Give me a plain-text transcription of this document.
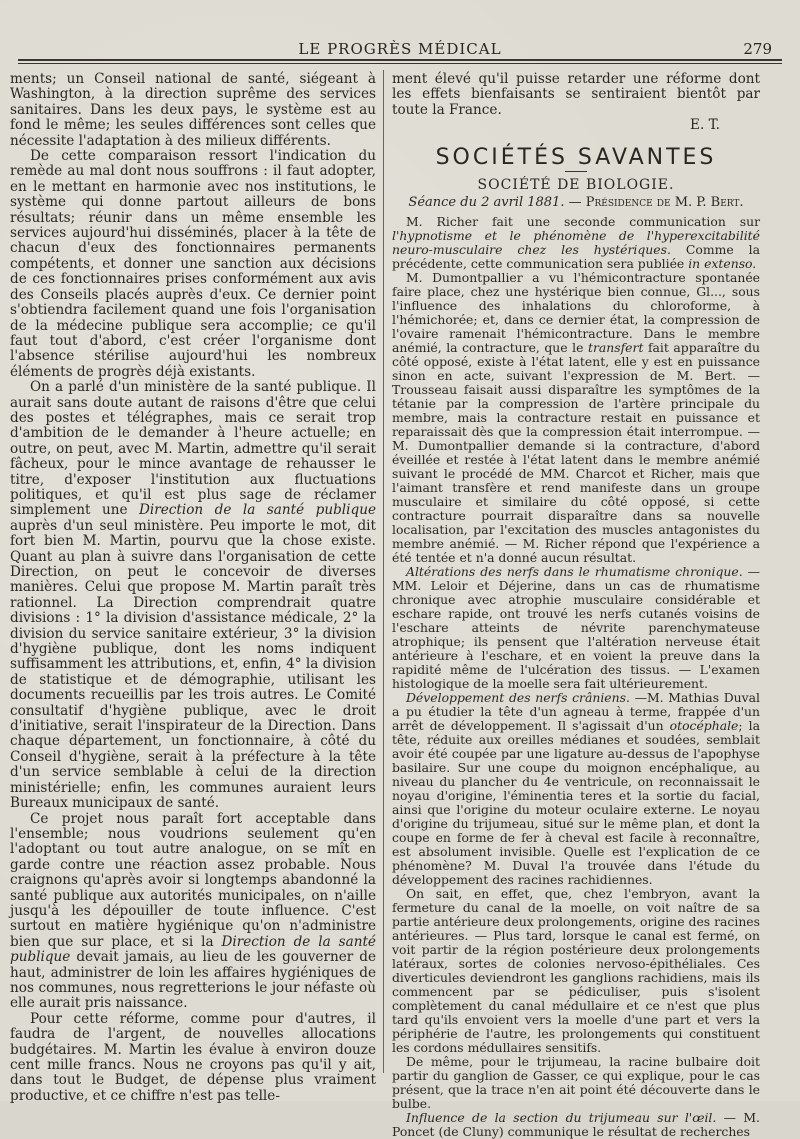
LE PROGRÈS MÉDICAL	279

ments; un Conseil national de santé, siégeant à Washington, à la direction suprême des services sanitaires. Dans les deux pays, le système est au fond le même; les seules différences sont celles que nécessite l'adaptation à des milieux différents.

De cette comparaison ressort l'indication du remède au mal dont nous souffrons : il faut adopter, en le mettant en harmonie avec nos institutions, le système qui donne partout ailleurs de bons résultats; réunir dans un même ensemble les services aujourd'hui disséminés, placer à la tête de chacun d'eux des fonctionnaires permanents compétents, et donner une sanction aux décisions de ces fonctionnaires prises conformément aux avis des Conseils placés auprès d'eux. Ce dernier point s'obtiendra facilement quand une fois l'organisation de la médecine publique sera accomplie; ce qu'il faut tout d'abord, c'est créer l'organisme dont l'absence stérilise aujourd'hui les nombreux éléments de progrès déjà existants.

On a parlé d'un ministère de la santé publique. Il aurait sans doute autant de raisons d'être que celui des postes et télégraphes, mais ce serait trop d'ambition de le demander à l'heure actuelle; en outre, on peut, avec M. Martin, admettre qu'il serait fâcheux, pour le mince avantage de rehausser le titre, d'exposer l'institution aux fluctuations politiques, et qu'il est plus sage de réclamer simplement une Direction de la santé publique auprès d'un seul ministère. Peu importe le mot, dit fort bien M. Martin, pourvu que la chose existe. Quant au plan à suivre dans l'organisation de cette Direction, on peut le concevoir de diverses manières. Celui que propose M. Martin paraît très rationnel. La Direction comprendrait quatre divisions : 1° la division d'assistance médicale, 2° la division du service sanitaire extérieur, 3° la division d'hygiène publique, dont les noms indiquent suffisamment les attributions, et, enfin, 4° la division de statistique et de démographie, utilisant les documents recueillis par les trois autres. Le Comité consultatif d'hygiène publique, avec le droit d'initiative, serait l'inspirateur de la Direction. Dans chaque département, un fonctionnaire, à côté du Conseil d'hygiène, serait à la préfecture à la tête d'un service semblable à celui de la direction ministérielle; enfin, les communes auraient leurs Bureaux municipaux de santé.

Ce projet nous paraît fort acceptable dans l'ensemble; nous voudrions seulement qu'en l'adoptant ou tout autre analogue, on se mît en garde contre une réaction assez probable. Nous craignons qu'après avoir si longtemps abandonné la santé publique aux autorités municipales, on n'aille jusqu'à les dépouiller de toute influence. C'est surtout en matière hygiénique qu'on n'administre bien que sur place, et si la Direction de la santé publique devait jamais, au lieu de les gouverner de haut, administrer de loin les affaires hygiéniques de nos communes, nous regretterions le jour néfaste où elle aurait pris naissance.

Pour cette réforme, comme pour d'autres, il faudra de l'argent, de nouvelles allocations budgétaires. M. Martin les évalue à environ douze cent mille francs. Nous ne croyons pas qu'il y ait, dans tout le Budget, de dépense plus vraiment productive, et ce chiffre n'est pas telle-

ment élevé qu'il puisse retarder une réforme dont les effets bienfaisants se sentiraient bientôt par toute la France.

E. T.
SOCIÉTÉS SAVANTES
SOCIÉTÉ DE BIOLOGIE.
Séance du 2 avril 1881. — Présidence de M. P. Bert.

M. Richer fait une seconde communication sur l'hypnotisme et le phénomène de l'hyperexcitabilité neuro-musculaire chez les hystériques. Comme la précédente, cette communication sera publiée in extenso.

M. Dumontpallier a vu l'hémicontracture spontanée faire place, chez une hystérique bien connue, Gl..., sous l'influence des inhalations du chloroforme, à l'hémichorée; et, dans ce dernier état, la compression de l'ovaire ramenait l'hémicontracture. Dans le membre anémié, la contracture, que le transfert fait apparaître du côté opposé, existe à l'état latent, elle y est en puissance sinon en acte, suivant l'expression de M. Bert. — Trousseau faisait aussi disparaître les symptômes de la tétanie par la compression de l'artère principale du membre, mais la contracture restait en puissance et reparaissait dès que la compression était interrompue. — M. Dumontpallier demande si la contracture, d'abord éveillée et restée à l'état latent dans le membre anémié suivant le procédé de MM. Charcot et Richer, mais que l'aimant transfère et rend manifeste dans un groupe musculaire et similaire du côté opposé, si cette contracture pourrait disparaître dans sa nouvelle localisation, par l'excitation des muscles antagonistes du membre anémié. — M. Richer répond que l'expérience a été tentée et n'a donné aucun résultat.

Altérations des nerfs dans le rhumatisme chronique. — MM. Leloir et Déjerine, dans un cas de rhumatisme chronique avec atrophie musculaire considérable et eschare rapide, ont trouvé les nerfs cutanés voisins de l'eschare atteints de névrite parenchymateuse atrophique; ils pensent que l'altération nerveuse était antérieure à l'eschare, et en voient la preuve dans la rapidité même de l'ulcération des tissus. — L'examen histologique de la moelle sera fait ultérieurement.

Développement des nerfs crâniens. —M. Mathias Duval a pu étudier la tête d'un agneau à terme, frappée d'un arrêt de développement. Il s'agissait d'un otocéphale; la tête, réduite aux oreilles médianes et soudées, semblait avoir été coupée par une ligature au-dessus de l'apophyse basilaire. Sur une coupe du moignon encéphalique, au niveau du plancher du 4e ventricule, on reconnaissait le noyau d'origine, l'éminentia teres et la sortie du facial, ainsi que l'origine du moteur oculaire externe. Le noyau d'origine du trijumeau, situé sur le même plan, et dont la coupe en forme de fer à cheval est facile à reconnaître, est absolument invisible. Quelle est l'explication de ce phénomène? M. Duval l'a trouvée dans l'étude du développement des racines rachidiennes.

On sait, en effet, que, chez l'embryon, avant la fermeture du canal de la moelle, on voit naître de sa partie antérieure deux prolongements, origine des racines antérieures. — Plus tard, lorsque le canal est fermé, on voit partir de la région postérieure deux prolongements latéraux, sortes de colonies nervoso-épithéliales. Ces diverticules deviendront les ganglions rachidiens, mais ils commencent par se pédiculiser, puis s'isolent complètement du canal médullaire et ce n'est que plus tard qu'ils envoient vers la moelle d'une part et vers la périphérie de l'autre, les prolongements qui constituent les cordons médullaires sensitifs.

De même, pour le trijumeau, la racine bulbaire doit partir du ganglion de Gasser, ce qui explique, pour le cas présent, que la trace n'en ait point été découverte dans le bulbe.

Influence de la section du trijumeau sur l'œil. — M. Poncet (de Cluny) communique le résultat de recherches
